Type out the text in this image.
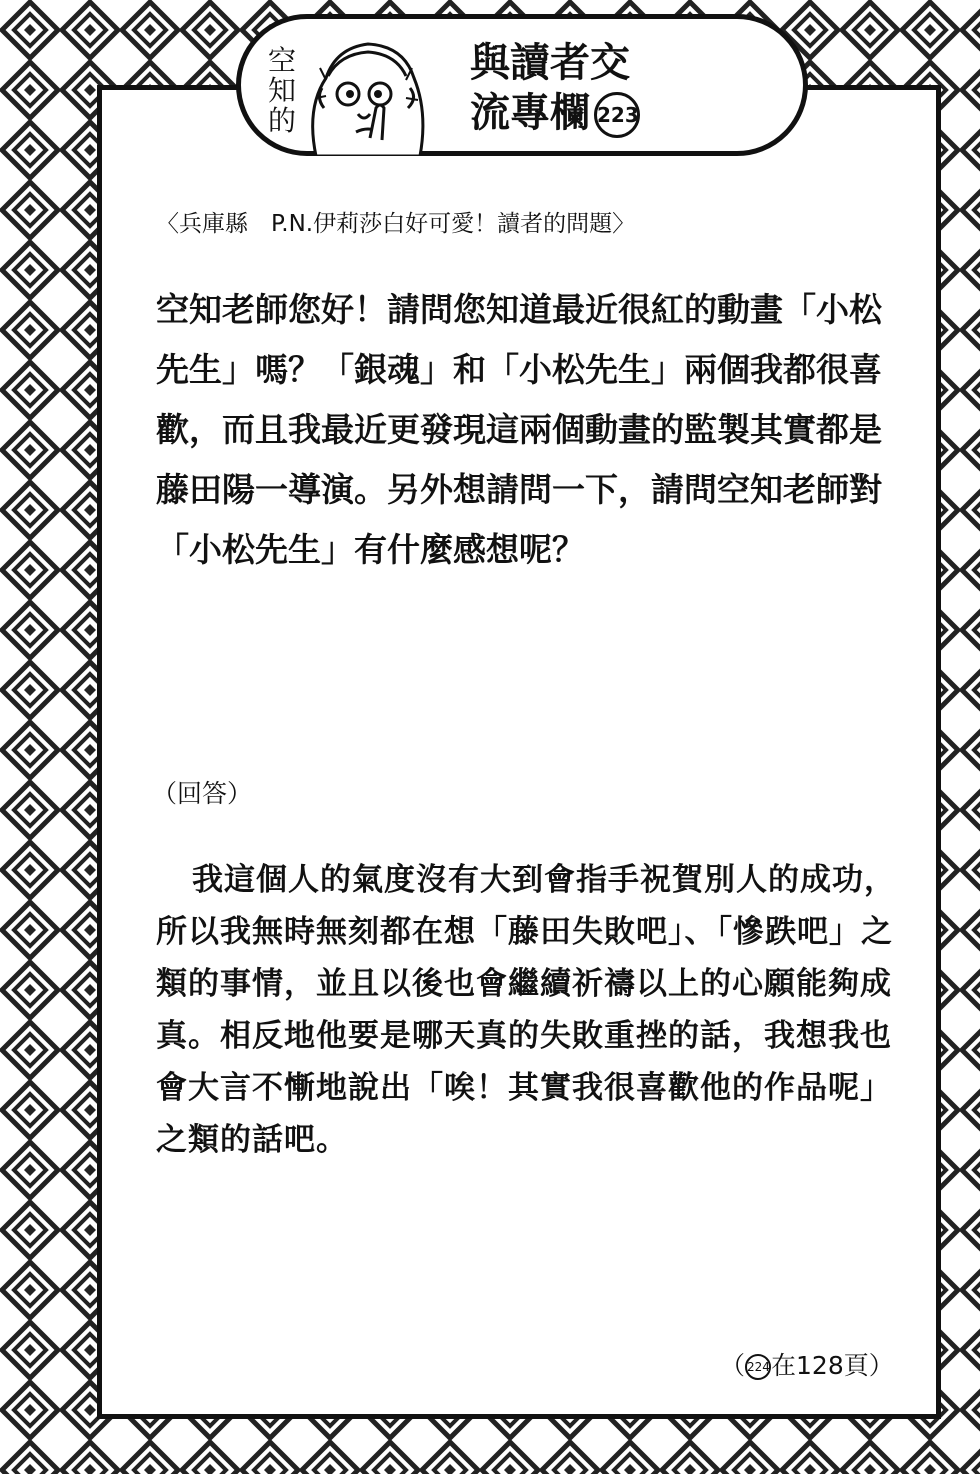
空知的
與讀者交
流專欄 223
〈兵庫縣　P.N.伊莉莎白好可愛！讀者的問題〉
空知老師您好！請問您知道最近很紅的動畫「小松先生」嗎？「銀魂」和「小松先生」兩個我都很喜歡，而且我最近更發現這兩個動畫的監製其實都是藤田陽一導演。另外想請問一下，請問空知老師對「小松先生」有什麼感想呢？
（回答）
我這個人的氣度沒有大到會指手祝賀別人的成功，所以我無時無刻都在想「藤田失敗吧」、「慘跌吧」之類的事情，並且以後也會繼續祈禱以上的心願能夠成真。相反地他要是哪天真的失敗重挫的話，我想我也會大言不慚地說出「唉！其實我很喜歡他的作品呢」之類的話吧。
（ 224在128頁）
